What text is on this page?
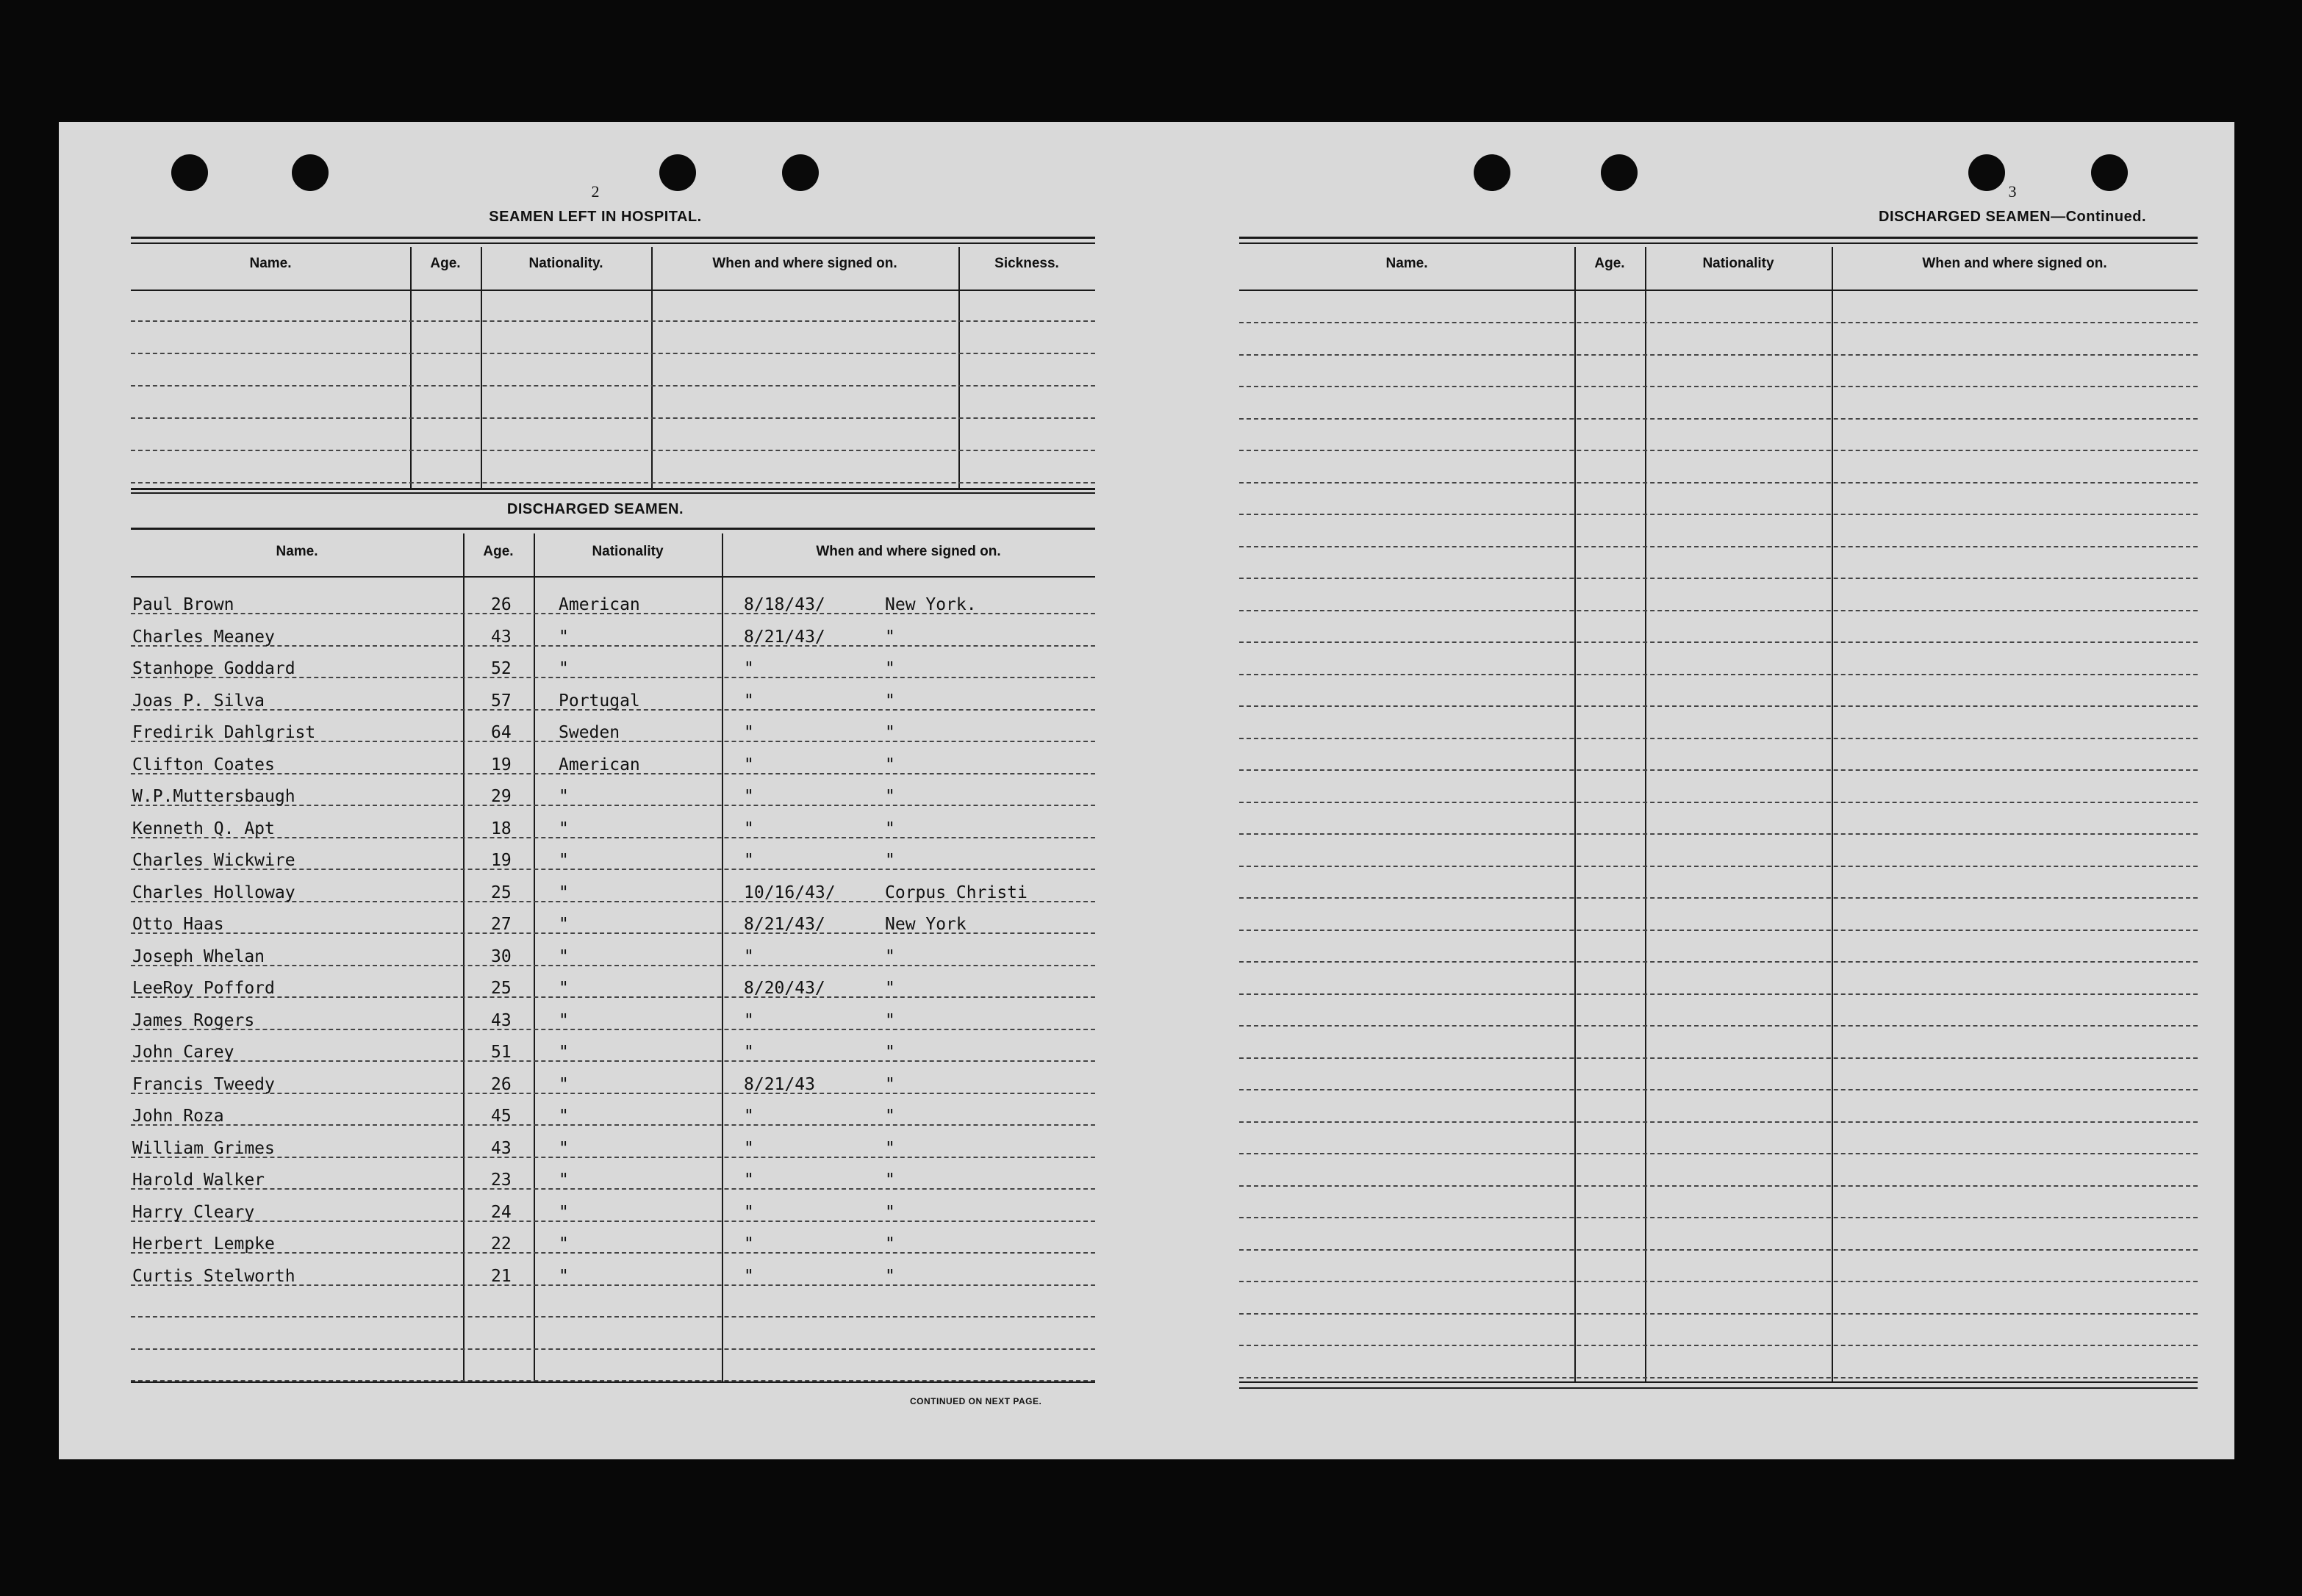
2
SEAMEN LEFT IN HOSPITAL.
Name.	Age.	Nationality.	When and where signed on.	Sickness.
DISCHARGED SEAMEN.
Name.	Age.	Nationality	When and where signed on.
Paul Brown	26	American	8/18/43/	New York.
Charles Meaney	43	"	8/21/43/	"
Stanhope Goddard	52	"	"	"
Joas P. Silva	57	Portugal	"	"
Fredirik Dahlgrist	64	Sweden	"	"
Clifton Coates	19	American	"	"
W.P.Muttersbaugh	29	"	"	"
Kenneth Q. Apt	18	"	"	"
Charles Wickwire	19	"	"	"
Charles Holloway	25	"	10/16/43/	Corpus Christi
Otto Haas	27	"	8/21/43/	New York
Joseph Whelan	30	"	"	"
LeeRoy Pofford	25	"	8/20/43/	"
James Rogers	43	"	"	"
John Carey	51	"	"	"
Francis Tweedy	26	"	8/21/43	"
John Roza	45	"	"	"
William Grimes	43	"	"	"
Harold Walker	23	"	"	"
Harry Cleary	24	"	"	"
Herbert Lempke	22	"	"	"
Curtis Stelworth	21	"	"	"
CONTINUED ON NEXT PAGE.
3
DISCHARGED SEAMEN—Continued.
Name.	Age.	Nationality	When and where signed on.
